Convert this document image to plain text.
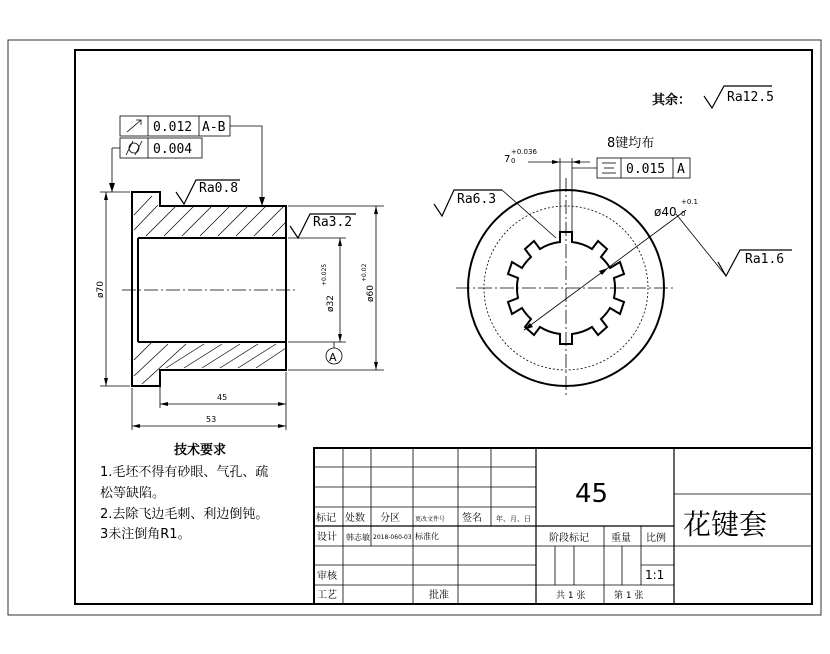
其余：	Ra12.5
0.012 A-B
0.004
Ra0.8
Ra3.2
ø70
ø32
+0.025
ø60
+0.02
A
45
53
7
+0.036
0
8键均布
0.015 A
Ra6.3
ø40
+0.1
0
Ra1.6
技术要求
1.毛坯不得有砂眼、气孔、疏
松等缺陷。
2.去除飞边毛刺、利边倒钝。
3未注倒角R1。
45
花键套
标记 处数 分区	更改文件号 签名 年、月、日
设计 韩志敏 2018-060-03 标准化
审核
工艺	批准
阶段标记 重量 比例
1:1
共 1 张	第 1 张
